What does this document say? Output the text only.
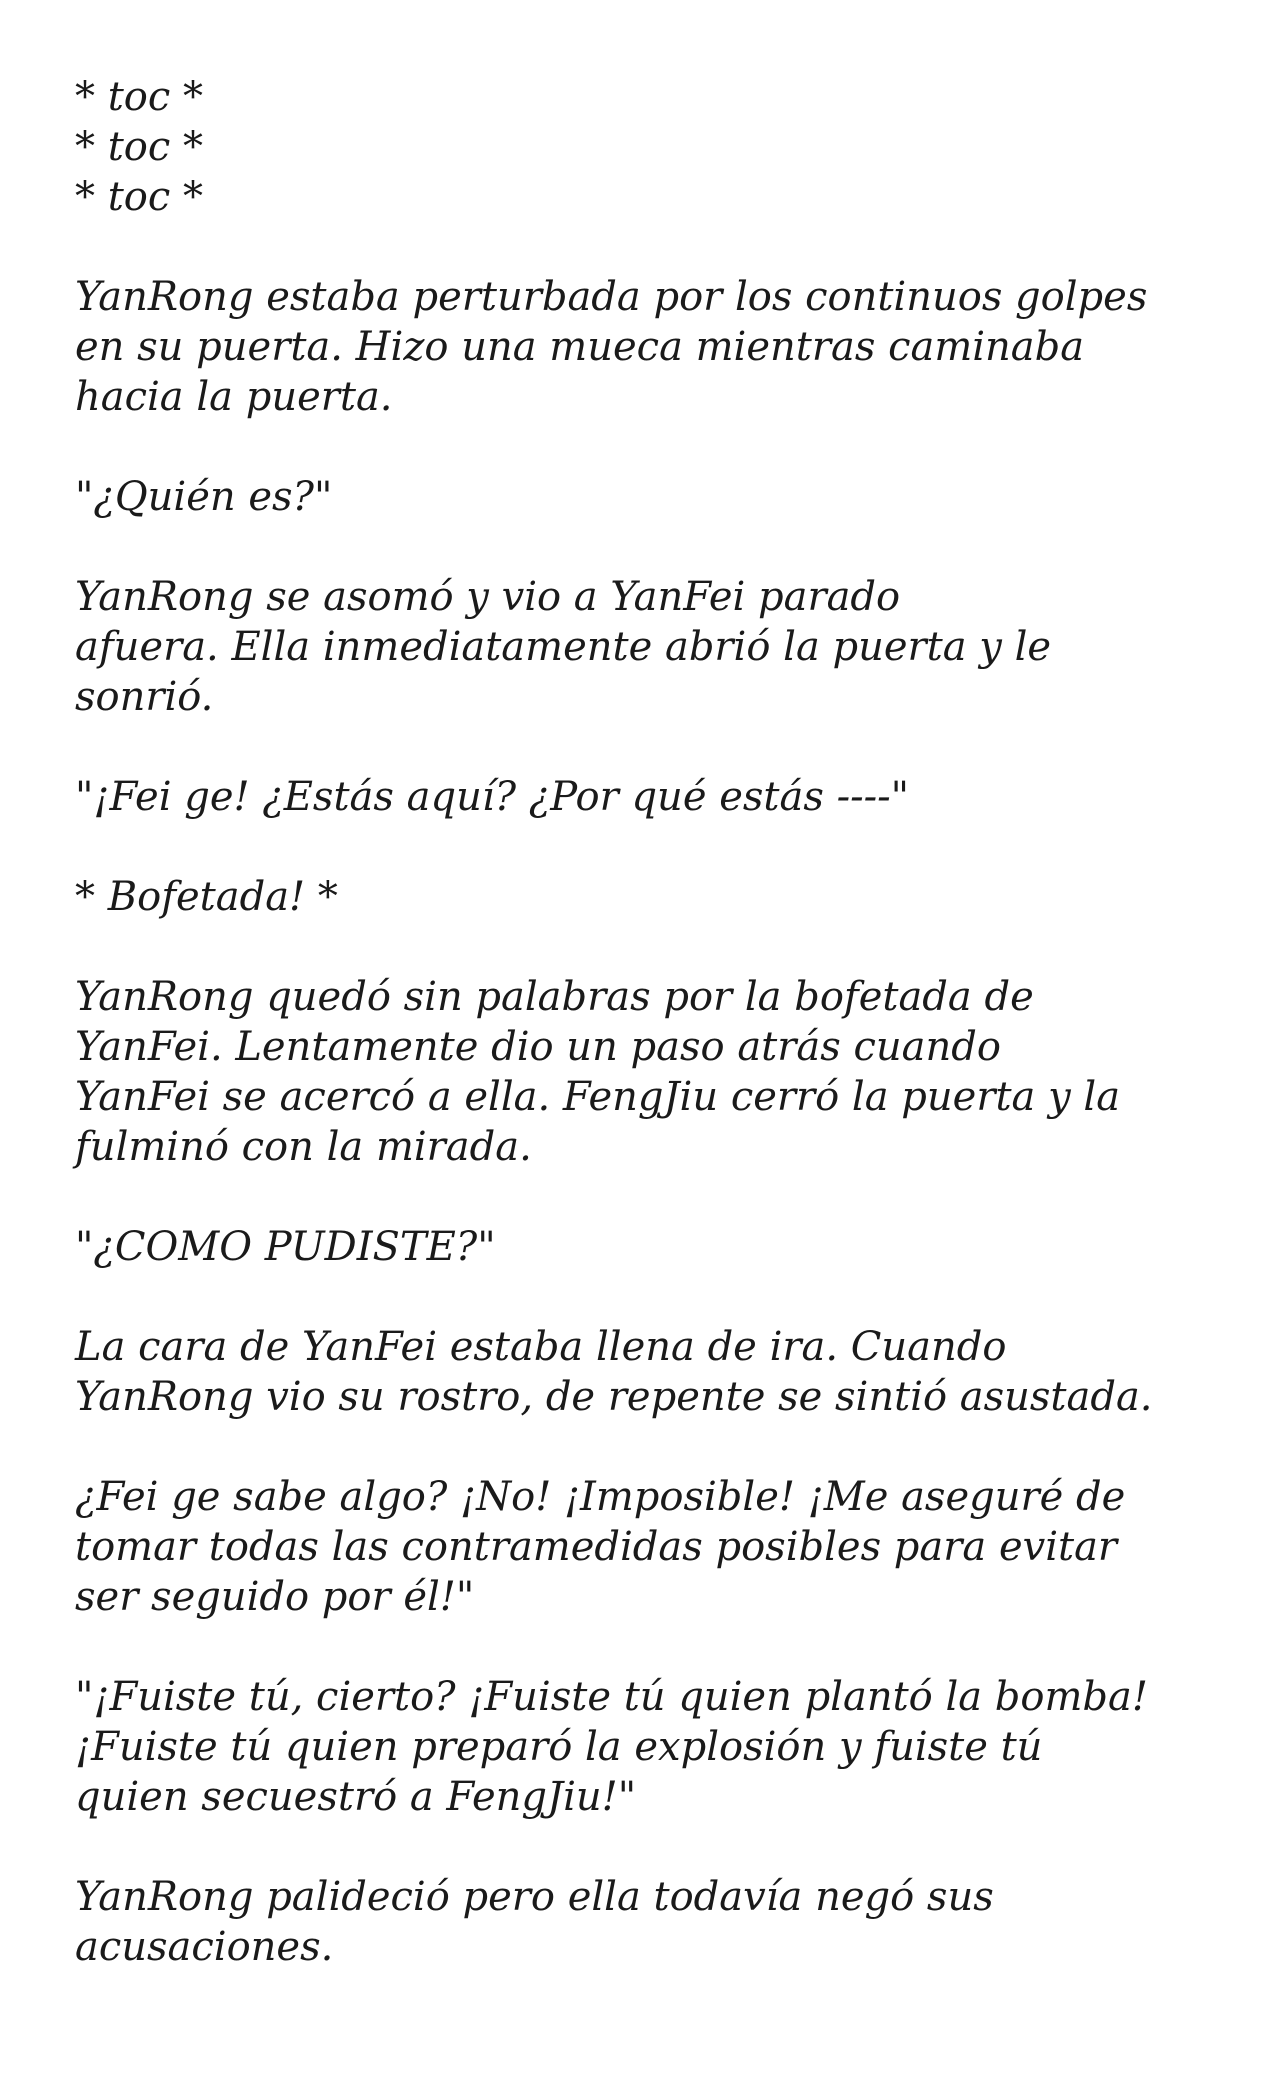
* toc *
* toc *
* toc *
YanRong estaba perturbada por los continuos golpes
en su puerta. Hizo una mueca mientras caminaba
hacia la puerta.
"¿Quién es?"
YanRong se asomó y vio a YanFei parado
afuera. Ella inmediatamente abrió la puerta y le
sonrió.
"¡Fei ge! ¿Estás aquí? ¿Por qué estás ----"
* Bofetada! *
YanRong quedó sin palabras por la bofetada de
YanFei. Lentamente dio un paso atrás cuando
YanFei se acercó a ella. FengJiu cerró la puerta y la
fulminó con la mirada.
"¿COMO PUDISTE?"
La cara de YanFei estaba llena de ira. Cuando
YanRong vio su rostro, de repente se sintió asustada.
¿Fei ge sabe algo? ¡No! ¡Imposible! ¡Me aseguré de
tomar todas las contramedidas posibles para evitar
ser seguido por él!"
"¡Fuiste tú, cierto? ¡Fuiste tú quien plantó la bomba!
¡Fuiste tú quien preparó la explosión y fuiste tú
quien secuestró a FengJiu!"
YanRong palideció pero ella todavía negó sus
acusaciones.
